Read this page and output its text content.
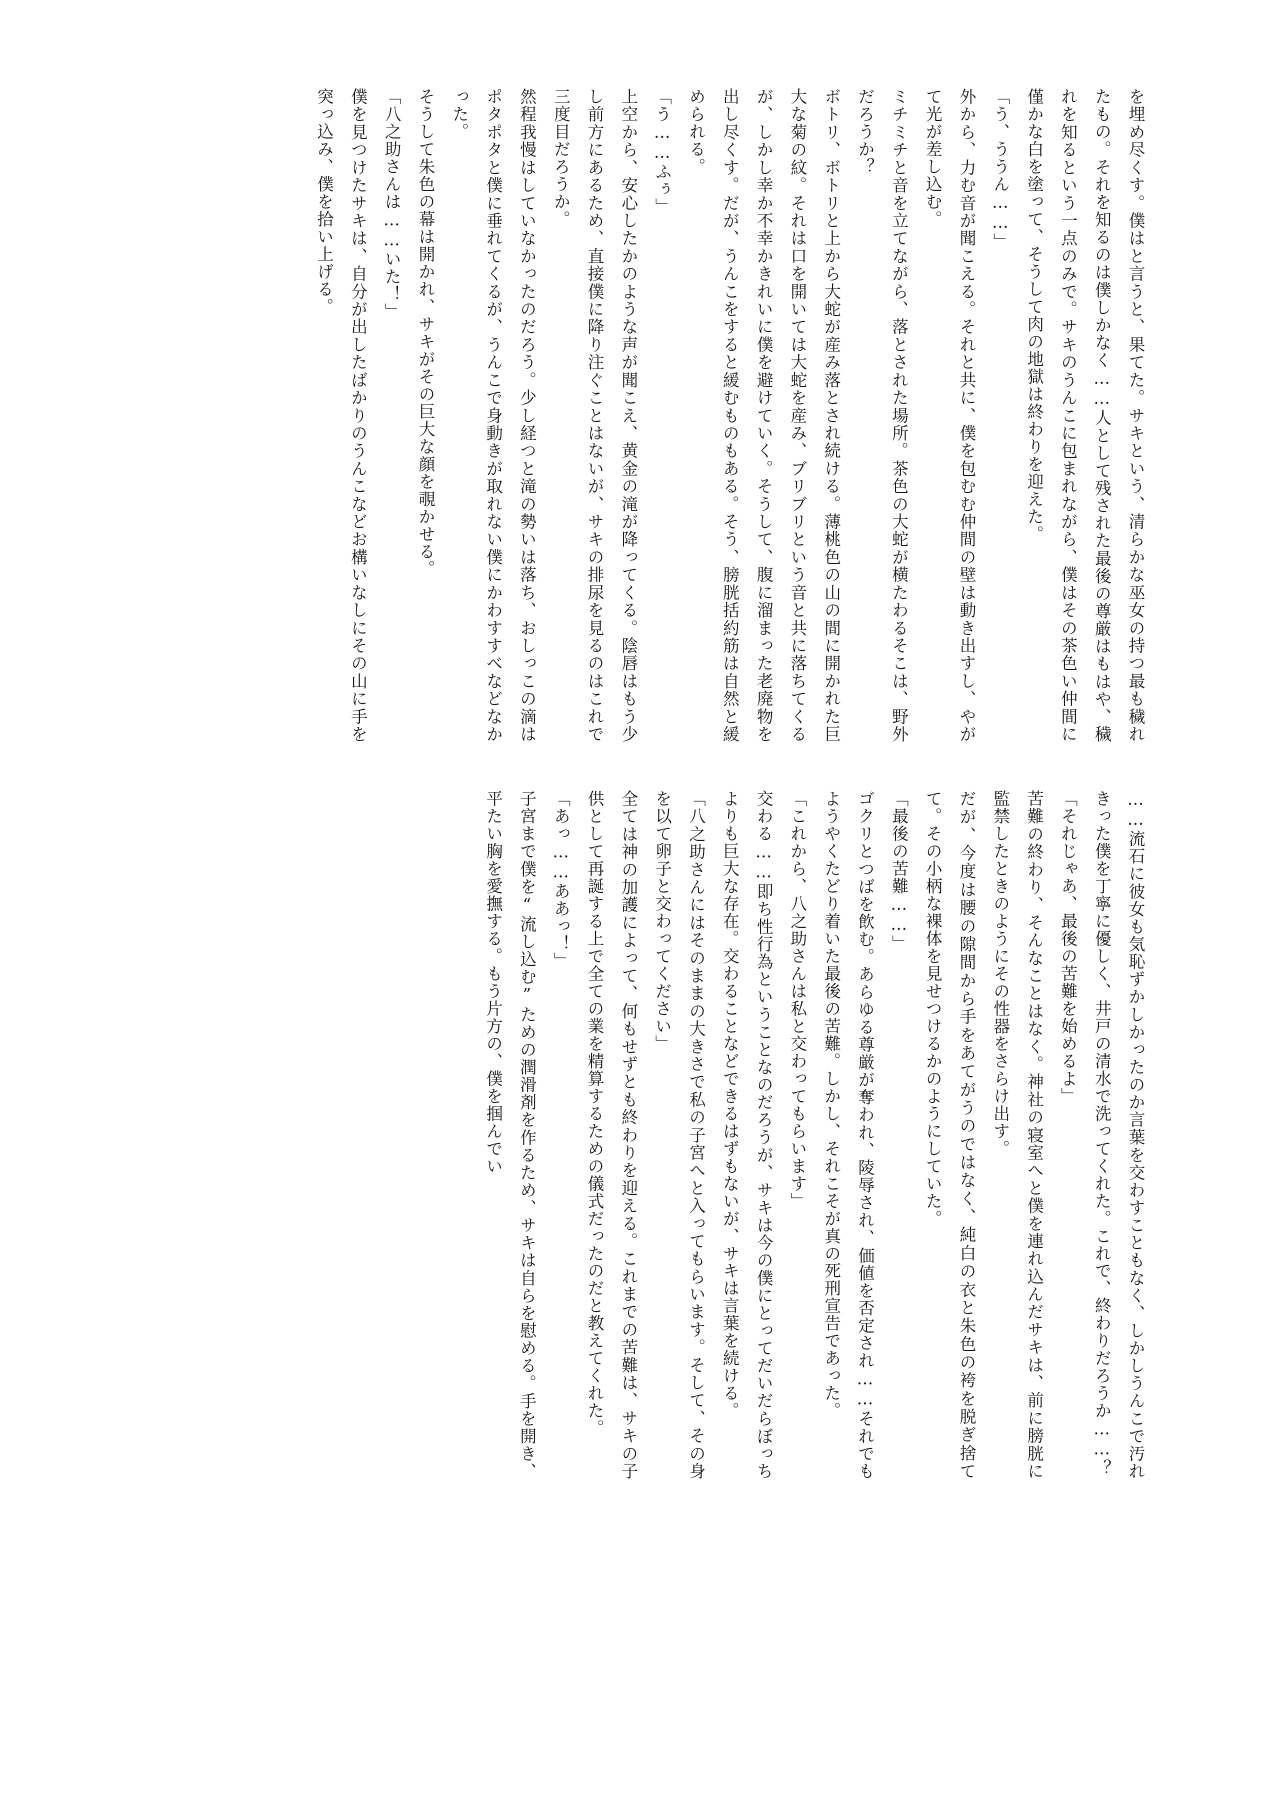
を埋め尽くす。僕はと言うと、果てた。サキという、清らかな巫女の持つ最も穢れたもの。それを知るのは僕しかなく……人として残された最後の尊厳はもはや、穢れを知るという一点のみで。サキのうんこに包まれながら、僕はその茶色い仲間に僅かな白を塗って、そうして肉の地獄は終わりを迎えた。

「う、ううん……」

外から、力む音が聞こえる。それと共に、僕を包むむ仲間の壁は動き出すし、やがて光が差し込む。

ミチミチと音を立てながら、落とされた場所。茶色の大蛇が横たわるそこは、野外だろうか？

ボトリ、ボトリと上から大蛇が産み落とされ続ける。薄桃色の山の間に開かれた巨大な菊の紋。それは口を開いては大蛇を産み、ブリブリという音と共に落ちてくるが、しかし幸か不幸かきれいに僕を避けていく。そうして、腹に溜まった老廃物を出し尽くす。だが、うんこをすると緩むものもある。そう、膀胱括約筋は自然と緩められる。

「う……ふぅ」

上空から、安心したかのような声が聞こえ、黄金の滝が降ってくる。陰唇はもう少し前方にあるため、直接僕に降り注ぐことはないが、サキの排尿を見るのはこれで三度目だろうか。

然程我慢はしていなかったのだろう。少し経つと滝の勢いは落ち、おしっこの滴はポタポタと僕に垂れてくるが、うんこで身動きが取れない僕にかわすすべなどなかった。

そうして朱色の幕は開かれ、サキがその巨大な顔を覗かせる。

「八之助さんは……いた！」

僕を見つけたサキは、自分が出したばかりのうんこなどお構いなしにその山に手を突っ込み、僕を拾い上げる。

……流石に彼女も気恥ずかしかったのか言葉を交わすこともなく、しかしうんこで汚れきった僕を丁寧に優しく、井戸の清水で洗ってくれた。これで、終わりだろうか……？

「それじゃあ、最後の苦難を始めるよ」

苦難の終わり、そんなことはなく。神社の寝室へと僕を連れ込んだサキは、前に膀胱に監禁したときのようにその性器をさらけ出す。

だが、今度は腰の隙間から手をあてがうのではなく、純白の衣と朱色の袴を脱ぎ捨てて。その小柄な裸体を見せつけるかのようにしていた。

「最後の苦難……」

ゴクリとつばを飲む。あらゆる尊厳が奪われ、陵辱され、価値を否定され……それでもようやくたどり着いた最後の苦難。しかし、それこそが真の死刑宣告であった。

「これから、八之助さんは私と交わってもらいます」

交わる……即ち性行為ということなのだろうが、サキは今の僕にとってだいだらぼっちよりも巨大な存在。交わることなどできるはずもないが、サキは言葉を続ける。

「八之助さんにはそのままの大きさで私の子宮へと入ってもらいます。そして、その身を以て卵子と交わってください」

全ては神の加護によって、何もせずとも終わりを迎える。これまでの苦難は、サキの子供として再誕する上で全ての業を精算するための儀式だったのだと教えてくれた。

「あっ……ああっ！」

子宮まで僕を“流し込む”ための潤滑剤を作るため、サキは自らを慰める。手を開き、平たい胸を愛撫する。もう片方の、僕を掴んでい
